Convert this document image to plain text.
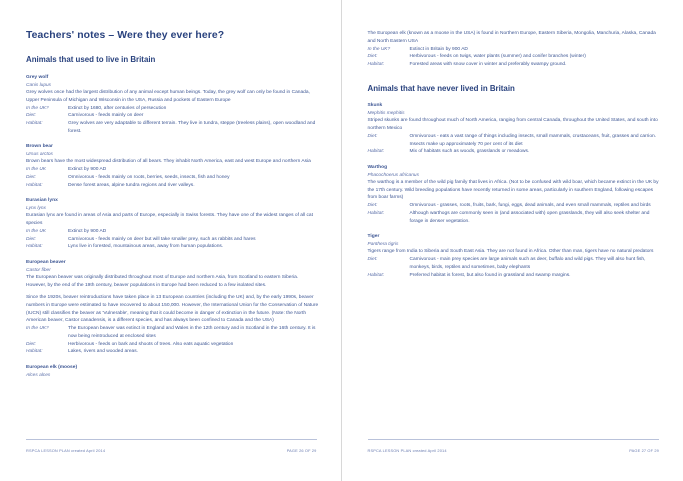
Teachers' notes – Were they ever here?
Animals that used to live in Britain
Grey wolf
Canis lupus

Grey wolves once had the largest distribution of any animal except human beings. Today, the grey wolf can only be found in Canada, Upper Peninsula of Michigan and Wisconsin in the USA, Russia and pockets of Eastern Europe

In the UK?	Extinct by 1680, after centuries of persecution
Diet:	Carnivorous - feeds mainly on deer
Habitat:	Grey wolves are very adaptable to different terrain. They live in tundra, steppe (treeless plains), open woodland and forest.
Brown bear
Ursus arctos

Brown bears have the most widespread distribution of all bears. They inhabit North America, east and west Europe and northern Asia

In the UK	Extinct by 900 AD
Diet:	Omnivorous - feeds mainly on roots, berries, seeds, insects, fish and honey
Habitat:	Dense forest areas, alpine tundra regions and river valleys.
Eurasian lynx
Lynx lynx

Eurasian lynx are found in areas of Asia and parts of Europe, especially in Swiss forests. They have one of the widest ranges of all cat species

In the UK	Extinct by 900 AD
Diet:	Carnivorous - feeds mainly on deer but will take smaller prey, such as rabbits and hares
Habitat:	Lynx live in forested, mountainous areas, away from human populations.
European beaver
Castor fiber

The European beaver was originally distributed throughout most of Europe and northern Asia, from Scotland to eastern Siberia. However, by the end of the 19th century, beaver populations in Europe had been reduced to a few isolated sites.

Since the 1920s, beaver reintroductions have taken place in 13 European countries (including the UK) and, by the early 1990s, beaver numbers in Europe were estimated to have recovered to about 150,000. However, the International Union for the Conservation of Nature (IUCN) still classifies the beaver as 'Vulnerable', meaning that it could become in danger of extinction in the future. (Note: the North American beaver, Castor canadensis, is a different species, and has always been confined to Canada and the USA)

In the UK?	The European beaver was extinct in England and Wales in the 12th century and in Scotland in the 16th century. It is now being reintroduced at enclosed sites
Diet:	Herbivorous - feeds on bark and shoots of trees. Also eats aquatic vegetation
Habitat:	Lakes, rivers and wooded areas.
European elk (moose)
Alces alces
RSPCA LESSON PLAN created April 2014	PAGE 26 OF 29

The European elk (known as a moose in the USA) is found in Northern Europe, Eastern Siberia, Mongolia, Manchuria, Alaska, Canada and North Eastern USA

In the UK?	Extinct in Britain by 900 AD
Diet:	Herbivorous - feeds on twigs, water plants (summer) and conifer branches (winter)
Habitat:	Forested areas with snow cover in winter and preferably swampy ground.
Animals that have never lived in Britain
Skunk
Mephitis mephitis

Striped skunks are found throughout much of North America, ranging from central Canada, throughout the United States, and south into northern Mexico

Diet:	Omnivorous - eats a vast range of things including insects, small mammals, crustaceans, fruit, grasses and carrion. Insects make up approximately 70 per cent of its diet
Habitat:	Mix of habitats such as woods, grasslands or meadows.
Warthog
Phacochoerus africanus

The warthog is a member of the wild pig family that lives in Africa. (Not to be confused with wild boar, which became extinct in the UK by the 17th century. Wild breeding populations have recently returned in some areas, particularly in southern England, following escapes from boar farms)

Diet:	Omnivorous - grasses, roots, fruits, bark, fungi, eggs, dead animals, and even small mammals, reptiles and birds
Habitat:	Although warthogs are commonly seen in (and associated with) open grasslands, they will also seek shelter and forage in denser vegetation.
Tiger
Panthera tigris

Tigers range from India to Siberia and South East Asia. They are not found in Africa. Other than man, tigers have no natural predators

Diet:	Carnivorous - main prey species are large animals such as deer, buffalo and wild pigs. They will also hunt fish, monkeys, birds, reptiles and sometimes, baby elephants
Habitat:	Preferred habitat is forest, but also found in grassland and swamp margins.
RSPCA LESSON PLAN created April 2014	PAGE 27 OF 29
